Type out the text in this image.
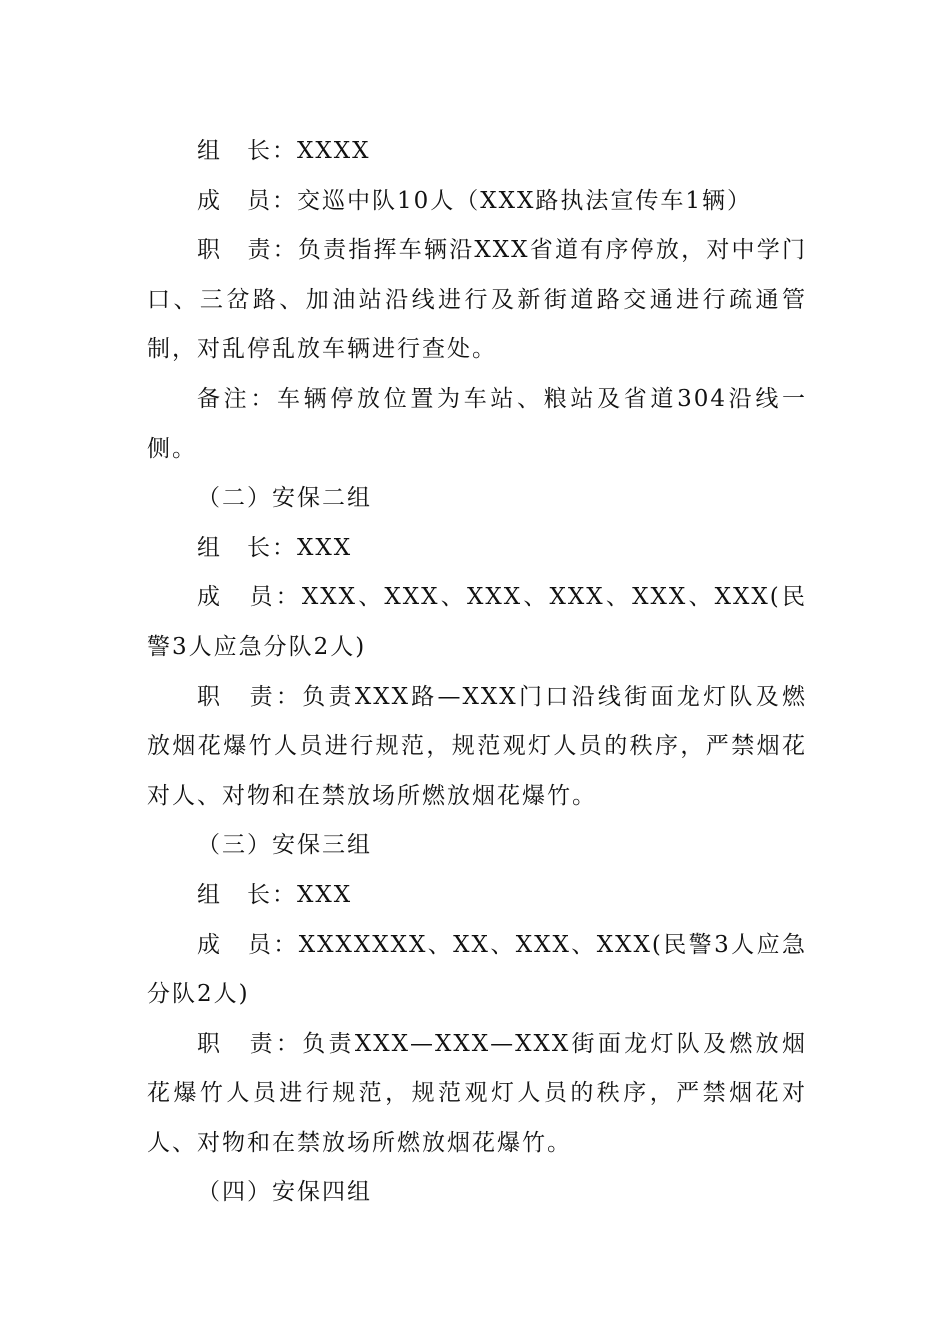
组　长：XXXX

成　员：交巡中队10人（XXX路执法宣传车1辆）

职　责：负责指挥车辆沿XXX省道有序停放，对中学门口、三岔路、加油站沿线进行及新街道路交通进行疏通管制，对乱停乱放车辆进行查处。

备注：车辆停放位置为车站、粮站及省道304沿线一侧。

（二）安保二组

组　长：XXX

成　员：XXX、XXX、XXX、XXX、XXX、XXX(民警3人应急分队2人)

职　责：负责XXX路—XXX门口沿线街面龙灯队及燃放烟花爆竹人员进行规范，规范观灯人员的秩序，严禁烟花对人、对物和在禁放场所燃放烟花爆竹。

（三）安保三组

组　长：XXX

成　员：XXXXXXX、XX、XXX、XXX(民警3人应急分队2人)

职　责：负责XXX—XXX—XXX街面龙灯队及燃放烟花爆竹人员进行规范，规范观灯人员的秩序，严禁烟花对人、对物和在禁放场所燃放烟花爆竹。

（四）安保四组
